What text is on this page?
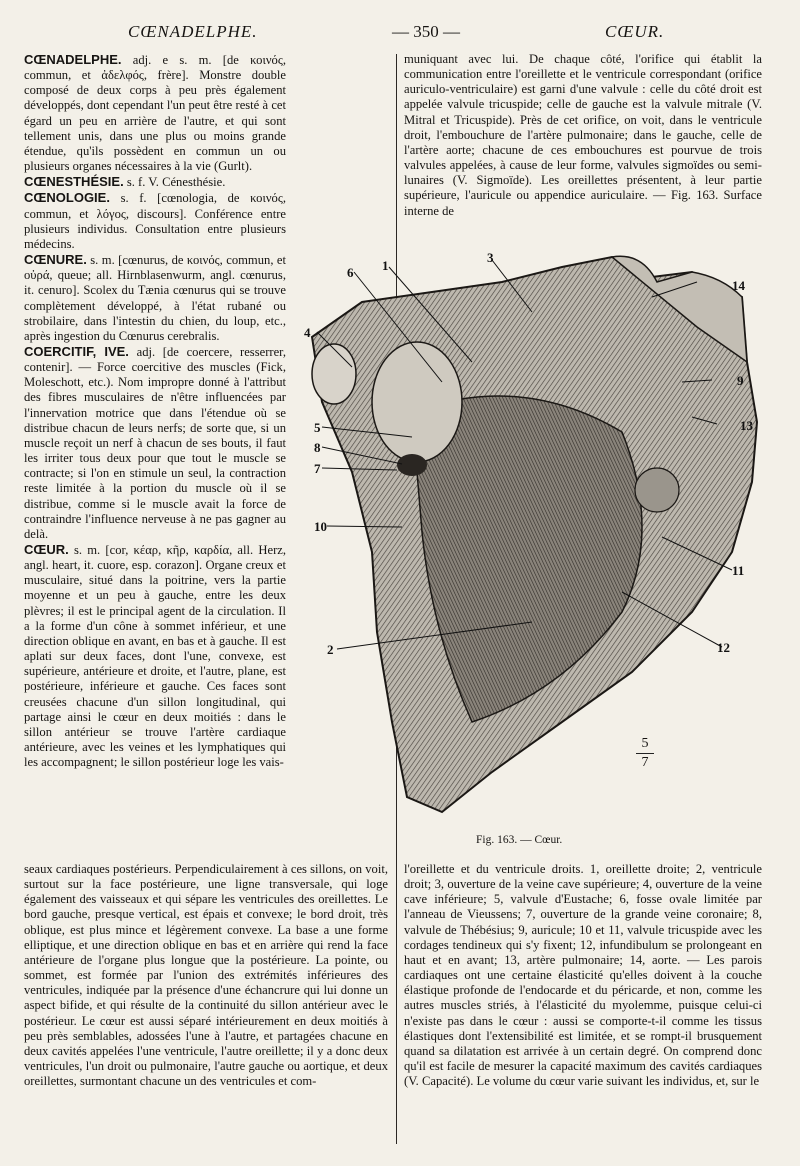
CŒNADELPHE.	— 350 —	CŒUR.

CŒNADELPHE. adj. e s. m. [de κοινός, commun, et ἀδελφός, frère]. Monstre double composé de deux corps à peu près également développés, dont cependant l'un peut être resté à cet égard un peu en arrière de l'autre, et qui sont tellement unis, dans une plus ou moins grande étendue, qu'ils possèdent en commun un ou plusieurs organes nécessaires à la vie (Gurlt).

CŒNESTHÉSIE. s. f. V. Cénesthésie.

CŒNOLOGIE. s. f. [cœnologia, de κοινός, commun, et λόγος, discours]. Conférence entre plusieurs individus. Consultation entre plusieurs médecins.

CŒNURE. s. m. [cœnurus, de κοινός, commun, et οὐρά, queue; all. Hirnblasenwurm, angl. cœnurus, it. cenuro]. Scolex du Tænia cœnurus qui se trouve complètement développé, à l'état rubané ou strobilaire, dans l'intestin du chien, du loup, etc., après ingestion du Cœnurus cerebralis.

COERCITIF, IVE. adj. [de coercere, resserrer, contenir]. — Force coercitive des muscles (Fick, Moleschott, etc.). Nom impropre donné à l'attribut des fibres musculaires de n'être influencées par l'innervation motrice que dans l'étendue où se distribue chacun de leurs nerfs; de sorte que, si un muscle reçoit un nerf à chacun de ses bouts, il faut les irriter tous deux pour que tout le muscle se contracte; si l'on en stimule un seul, la contraction reste limitée à la portion du muscle où il se distribue, comme si le muscle avait la force de contraindre l'influence nerveuse à ne pas gagner au delà.

CŒUR. s. m. [cor, κέαρ, κῆρ, καρδία, all. Herz, angl. heart, it. cuore, esp. corazon]. Organe creux et musculaire, situé dans la poitrine, vers la partie moyenne et un peu à gauche, entre les deux plèvres; il est le principal agent de la circulation. Il a la forme d'un cône à sommet inférieur, et une direction oblique en avant, en bas et à gauche. Il est aplati sur deux faces, dont l'une, convexe, est supérieure, antérieure et droite, et l'autre, plane, est postérieure, inférieure et gauche. Ces faces sont creusées chacune d'un sillon longitudinal, qui partage ainsi le cœur en deux moitiés : dans le sillon antérieur se trouve l'artère cardiaque antérieure, avec les veines et les lymphatiques qui les accompagnent; le sillon postérieur loge les vais-

muniquant avec lui. De chaque côté, l'orifice qui établit la communication entre l'oreillette et le ventricule correspondant (orifice auriculo-ventriculaire) est garni d'une valvule : celle du côté droit est appelée valvule tricuspide; celle de gauche est la valvule mitrale (V. Mitral et Tricuspide). Près de cet orifice, on voit, dans le ventricule droit, l'embouchure de l'artère pulmonaire; dans le gauche, celle de l'artère aorte; chacune de ces embouchures est pourvue de trois valvules appelées, à cause de leur forme, valvules sigmoïdes ou semi-lunaires (V. Sigmoïde). Les oreillettes présentent, à leur partie supérieure, l'auricule ou appendice auriculaire. — Fig. 163. Surface interne de

6 1
3
14
4
9
13
5
8
7
10
11
2	12
5
7
Fig. 163. — Cœur.

seaux cardiaques postérieurs. Perpendiculairement à ces sillons, on voit, surtout sur la face postérieure, une ligne transversale, qui loge également des vaisseaux et qui sépare les ventricules des oreillettes. Le bord gauche, presque vertical, est épais et convexe; le bord droit, très oblique, est plus mince et légèrement convexe. La base a une forme elliptique, et une direction oblique en bas et en arrière qui rend la face antérieure de l'organe plus longue que la postérieure. La pointe, ou sommet, est formée par l'union des extrémités inférieures des ventricules, indiquée par la présence d'une échancrure qui lui donne un aspect bifide, et qui résulte de la continuité du sillon antérieur avec le postérieur. Le cœur est aussi séparé intérieurement en deux moitiés à peu près semblables, adossées l'une à l'autre, et partagées chacune en deux cavités appelées l'une ventricule, l'autre oreillette; il y a donc deux ventricules, l'un droit ou pulmonaire, l'autre gauche ou aortique, et deux oreillettes, surmontant chacune un des ventricules et com-

l'oreillette et du ventricule droits. 1, oreillette droite; 2, ventricule droit; 3, ouverture de la veine cave supérieure; 4, ouverture de la veine cave inférieure; 5, valvule d'Eustache; 6, fosse ovale limitée par l'anneau de Vieussens; 7, ouverture de la grande veine coronaire; 8, valvule de Thébésius; 9, auricule; 10 et 11, valvule tricuspide avec les cordages tendineux qui s'y fixent; 12, infundibulum se prolongeant en haut et en avant; 13, artère pulmonaire; 14, aorte. — Les parois cardiaques ont une certaine élasticité qu'elles doivent à la couche élastique profonde de l'endocarde et du péricarde, et non, comme les autres muscles striés, à l'élasticité du myolemme, puisque celui-ci n'existe pas dans le cœur : aussi se comporte-t-il comme les tissus élastiques dont l'extensibilité est limitée, et se rompt-il brusquement quand sa dilatation est arrivée à un certain degré. On comprend donc qu'il est facile de mesurer la capacité maximum des cavités cardiaques (V. Capacité). Le volume du cœur varie suivant les individus, et, sur le
